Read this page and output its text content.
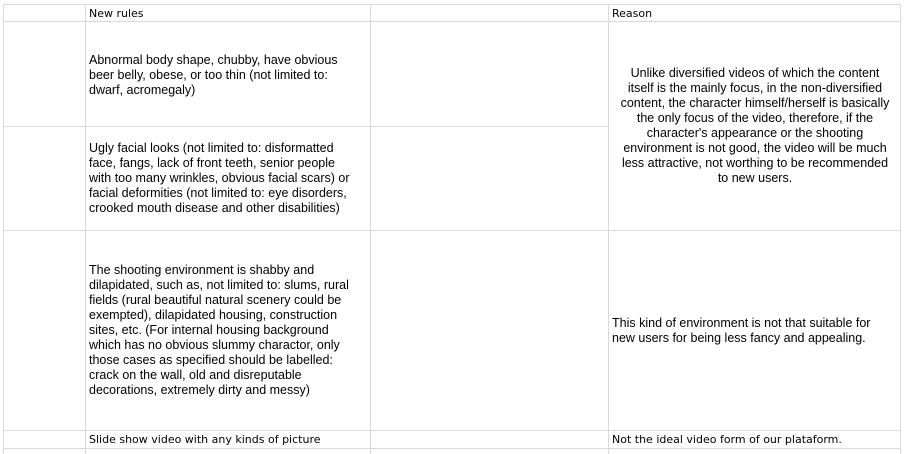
New rules	Reason
Abnormal body shape, chubby, have obvious
beer belly, obese, or too thin (not limited to:
dwarf, acromegaly)
Ugly facial looks (not limited to: disformatted
face, fangs, lack of front teeth, senior people
with too many wrinkles, obvious facial scars) or
facial deformities (not limited to: eye disorders,
crooked mouth disease and other disabilities)
Unlike diversified videos of which the content
itself is the mainly focus, in the non-diversified
content, the character himself/herself is basically
the only focus of the video, therefore, if the
character's appearance or the shooting
environment is not good, the video will be much
less attractive, not worthing to be recommended
to new users.
The shooting environment is shabby and
dilapidated, such as, not limited to: slums, rural
fields (rural beautiful natural scenery could be
exempted), dilapidated housing, construction
sites, etc. (For internal housing background
which has no obvious slummy charactor, only
those cases as specified should be labelled:
crack on the wall, old and disreputable
decorations, extremely dirty and messy)
This kind of environment is not that suitable for
new users for being less fancy and appealing.
Slide show video with any kinds of picture	Not the ideal video form of our plataform.
